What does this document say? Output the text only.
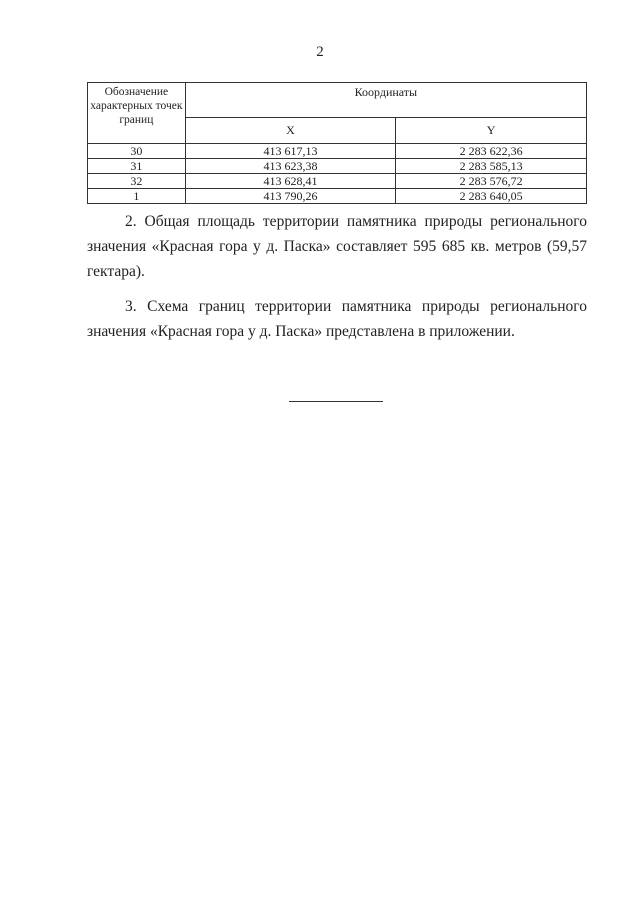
2
Обозначение характерных точек границ	Координаты	
	X	Y
30	413 617,13	2 283 622,36
31	413 623,38	2 283 585,13
32	413 628,41	2 283 576,72
1	413 790,26	2 283 640,05

2. Общая площадь территории памятника природы регионального значения «Красная гора у д. Паска» составляет 595 685 кв. метров (59,57 гектара).

3. Схема границ территории памятника природы регионального значения «Красная гора у д. Паска» представлена в приложении.
